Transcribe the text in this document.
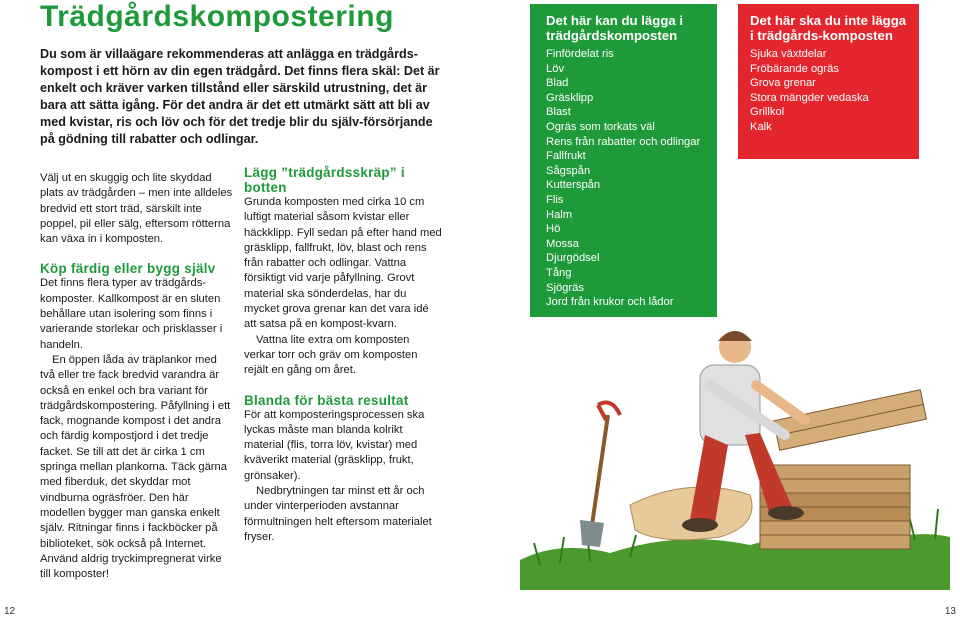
Trädgårdskompostering

Du som är villaägare rekommenderas att anlägga en trädgårds-kompost i ett hörn av din egen trädgård. Det finns flera skäl: Det är enkelt och kräver varken tillstånd eller särskild utrustning, det är bara att sätta igång. För det andra är det ett utmärkt sätt att bli av med kvistar, ris och löv och för det tredje blir du själv-försörjande på gödning till rabatter och odlingar.

Välj ut en skuggig och lite skyddad plats av trädgården – men inte alldeles bredvid ett stort träd, särskilt inte poppel, pil eller sälg, eftersom rötterna kan växa in i komposten.

Köp färdig eller bygg själv

Det finns flera typer av trädgårds-komposter. Kallkompost är en sluten behållare utan isolering som finns i varierande storlekar och prisklasser i handeln.

En öppen låda av träplankor med två eller tre fack bredvid varandra är också en enkel och bra variant för trädgårdskompostering. Påfyllning i ett fack, mognande kompost i det andra och färdig kompostjord i det tredje facket. Se till att det är cirka 1 cm springa mellan plankorna. Täck gärna med fiberduk, det skyddar mot vindburna ogräsfröer. Den här modellen bygger man ganska enkelt själv. Ritningar finns i fackböcker på biblioteket, sök också på Internet. Använd aldrig tryckimpregnerat virke till komposter!

Lägg ”trädgårdsskräp” i botten

Grunda komposten med cirka 10 cm luftigt material såsom kvistar eller häckklipp. Fyll sedan på efter hand med gräsklipp, fallfrukt, löv, blast och rens från rabatter och odlingar. Vattna försiktigt vid varje påfyllning. Grovt material ska sönderdelas, har du mycket grova grenar kan det vara idé att satsa på en kompost-kvarn.

Vattna lite extra om komposten verkar torr och gräv om komposten rejält en gång om året.

Blanda för bästa resultat

För att komposteringsprocessen ska lyckas måste man blanda kolrikt material (flis, torra löv, kvistar) med kväverikt material (gräsklipp, frukt, grönsaker).

Nedbrytningen tar minst ett år och under vinterperioden avstannar förmultningen helt eftersom materialet fryser.

Det här kan du lägga i trädgårdskomposten
Finfördelat ris
Löv
Blad
Gräsklipp
Blast
Ogräs som torkats väl
Rens från rabatter och odlingar
Fallfrukt
Sågspån
Kutterspån
Flis
Halm
Hö
Mossa
Djurgödsel
Tång
Sjögräs
Jord från krukor och lådor
Det här ska du inte lägga i trädgårds-komposten
Sjuka växtdelar
Fröbärande ogräs
Grova grenar
Stora mängder vedaska
Grillkol
Kalk
12	13
